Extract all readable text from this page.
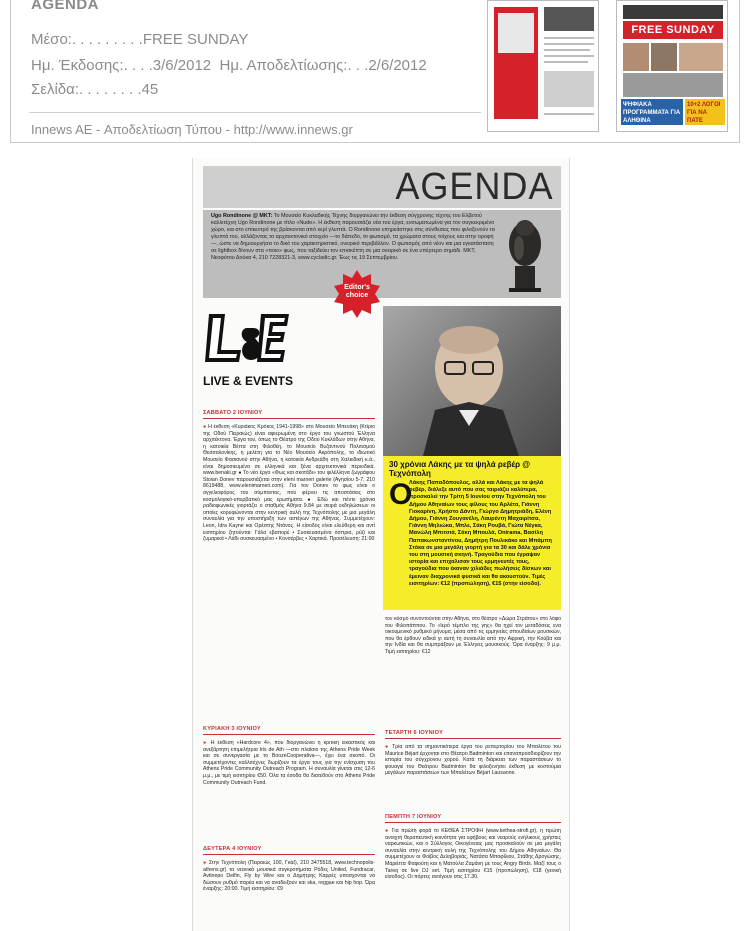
AGENDA
Μέσο:. . . . . . . . .FREE SUNDAY
Ημ. Έκδοσης:. . . .3/6/2012 Ημ. Αποδελτίωσης:. . .2/6/2012
Σελίδα:. . . . . . . .45
Innews AE - Αποδελτίωση Τύπου - http://www.innews.gr
FREE SUNDAY
ΨΗΦΙΑΚΑ ΠΡΟΓΡΑΜΜΑΤΑ ΓΙΑ ΑΛΗΘΙΝΑ ΠΡΟΒΛΗΜΑΤΑ
10+2 ΛΟΓΟΙ ΓΙΑ ΝΑ ΠΑΤΕ
AGENDA
Ugo Rondinone @ MKT: Το Μουσείο Κυκλαδικής Τέχνης διοργανώνει την έκθεση σύγχρονης τέχνης του Ελβετού καλλιτέχνη Ugo Rondinone με τίτλο «Nude». Η έκθεση παρουσιάζει νέα του έργα, ενσωματωμένα για τον συγκεκριμένο χώρο, και στο επίκεντρό της βρίσκονται από κερί γλυπτά. Ο Rondinone επηρεάστηκε στις σύνθεσεις που φιλοξενούν τα γλυπτά του, αλλάζοντας το αρχιτεκτονικό στοιχείο —το δάπεδο, το φωτισμό, τα χρώματα στους τοίχους και στην οροφή—, ώστε να δημιουργήσει το δικό του χαρακτηριστικό, ονειρικό περιβάλλον. Ο φωτισμός από νέον και μια εγκατάσταση σε lightbox δίνουν στα «ποιο» φως, που ταξιδεύει τον επισκέπτη σε μια ονειρικό σε ένα υπέρτερο σημάδι. ΜΚΤ, Νεοφύτου Δούκα 4, 210 7228321-3, www.cycladic.gr. Έως τις 19 Σεπτεμβρίου.
LIVE & EVENTS
Editor's choice
30 χρόνια Λάκης με τα ψηλά ρεβέρ @ Τεχνόπολη
Ο
Λάκης Παπαδόπουλος, αλλά και Λάκης με τα ψηλά ρεβέρ, διάλεξε αυτό που σας ταιριάζει καλύτερα, προσκαλεί την Τρίτη 5 Ιουνίου στην Τεχνόπολη του Δήμου Αθηναίων τους φίλους του Αρλέτα, Γιάννη Γιοκαρίνη, Χρήστο Δάντη, Γιώργο Δημητριάδη, Ελένη Δήμου, Γιάννη Ζουγανέλη, Λαυρέντη Μαχαιρίτσα, Γιάννη Μηλιώκα, Μπλε, Σάκη Ρουβά, Γιώτα Νέγκα, Μανώλη Μπιτσιά, Σάκη Μπουλά, Onirama, Βασίλη Παπακωνσταντίνου, Δημήτρη Πουλικάκο και Μπάμπη Στόκα σε μια μεγάλη γιορτή για τα 30 και δάλε χρόνια του στη μουσική σκηνή. Τραγούδια που έγραψαν ιστορία και επιχαλισαν τους ερμηνευτές τους, τραγούδια που έκαναν χιλιάδες πωλήσεις δίσκων και έμειναν διαχρονικά φυσικά και θα ακουστούν. Τιμές εισιτηρίων: €12 (προπώληση), €15 (στην είσοδο).
ΣΑΒΒΑΤΟ 2 ΙΟΥΝΙΟΥ
● Η έκθεση «Κυριάκος Κρόκος 1941-1998» στο Μουσείο Μπενάκη (Κτίριο της Οδού Πειραιώς) είναι αφιερωμένη στο έργο του γνωστού Έλληνα αρχιτέκτονα. Έργα του, όπως το Θέατρο της Οδού Κυκλάδων στην Αθήνα, η κατοικία Βέττα στη Φιλοθέη, το Μουσείο Βυζαντινού Πολιτισμού Θεσσαλονίκης, η μελέτη για το Νέο Μουσείο Ακρόπολης, το ιδιωτικό Μουσείο Φασιανού στην Αθήνα, η κατοικία Ανδρεάδη στη Χαλκιδική κ.ά., είναι δημοσιευμένα σε ελληνικά και ξένα αρχιτεκτονικά περιοδικά. www.benaki.gr ● Το νέο έργο «Φως και σκοτάδι» του φιλέλληνα ζωγράφου Stoian Donev παρουσιάζεται στην eleni marneri galerie (Αγησίου 5-7, 210 8619488, www.elenimarneri.com). Για τον Donev το φως είναι ο αγγελιοφόρος του σύμπαντος, που φέρνει τις αποστάσεις στο κοσμολογικό-υπερβατικό μας ερωτήματα. ● Εδώ και πέντε χρόνια ραδιοφωνικές γιορτάζει ο σταθμός Αθήνα 9.84 με σειρά εκδηλώσεων οι οποίες κορυφώνονται στην κεντρική αυλή της Τεχνόπολης με μια μεγάλη συναυλία για την υποστήριξη των αστέγων της Αθήνας. Συμμετέχουν: Leon, Idra Kayne και Ορέστης Ντάνος. Η είσοδος είναι ελεύθερη και αντί εισιτηρίου ζητούνται: Γάλα εβαπορέ • Συσκευασμένα όσπρια, ρύζι και ζυμαρικά • Λάδι συσκευασμένο • Κονσέρβες • Χαρτικά. Προσέλευση: 21:00
ΚΥΡΙΑΚΗ 3 ΙΟΥΝΙΟΥ
● Η έκθεση «Hardcore 4», που διοργανώνει η κριτική εικαστικός και ανεξάρτητη επιμελήτρια Iris de Ath —στο πλαίσιο της Athens Pride Week και σε συνεργασία με το BoozeCooperativa—, έχει ένα σκοπό. Οι συμμετέχοντες καλλιτέχνες δωρίζουν τα έργα τους για την ενίσχυση του Athens Pride Community Outreach Program. Η συναυλία γίνεται στις 12-6 μ.μ., με τιμή εισιτηρίου €50. Όλα τα έσοδα θα διατεθούν στο Athens Pride Community Outreach Fund.
ΔΕΥΤΕΡΑ 4 ΙΟΥΝΙΟΥ
● Στην Τεχνόπολη (Πειραιώς 100, Γκάζι, 210 3475518, www.technopolis-athens.gr) τα νεανικά μουσικά συγκροτήματα Ρόδες United, Fundracar, Avtinepo Delfin, Fly by Wire και ο Δημήτρης Καρρές υποσχονται να δώσουν ρυθμό παρέα και να αναδειξουν και ska, reggae και hip hop. Ώρα έναρξης: 20:00. Τιμή εισιτηρίου: €9
τον κόσμο συνοντούνται στην Αθήνα, στο θέατρο «Δώρα Στράτου» στο λόφο του Φιλοπάππου. Το «Ιερό τέμπλο της γης» θα ηχεί τον μεταδόσεις ενα οικουμενικό ρυθμικό μήνυμα, μέσα από τις ερμηνείες σπουδαίων μουσικών, που θα έρθουν ειδικά γι αυτή τη συναυλία από την Αφρική, την Κούβα και την Ινδία και θα συμπράξουν με Έλληνες μουσικούς. Ώρα έναρξης: 9 μ.μ. Τιμή εισιτηρίου: €12
ΤΕΤΑΡΤΗ 6 ΙΟΥΝΙΟΥ
● Τρία από τα σημαντικότερα έργα του ρεπερτορίου του Μπαλέτου του Maurice Béjart έρχονται στο Θέατρο Badminton και επαναπροσδιορίζουν την ιστορία του σύγχρονου χορού. Κατά τη διάρκεια των παραστάσεων το φουαγιέ του Θεάτρου Badminton θα φιλοξενήσει έκθεση με κοστούμια μεγάλων παραστάσεων των Μπαλέτων Béjart Lausanne.
ΠΕΜΠΤΗ 7 ΙΟΥΝΙΟΥ
● Για πρώτη φορά το ΚΕΘΕΑ ΣΤΡΟΦΗ (www.kethea-strofi.gr), η πρώτη ανοιχτή θεραπευτική κοινότητα για εφήβους και νεαρούς ενήλικους χρήστες ναρκωτικών, και ο Σύλλογος Οικογένειας μας προσκαλούν σε μια μεγάλη συναυλία στην κεντρική αυλή της Τεχνόπολης του Δήμου Αθηναίων. Θα συμμετέχουν οι Φοίβος Δεληβοριάς, Νατάσα Μποφίλιου, Στάθης Δρογώσης, Μαριέττα Φαφούτη και η Ματούλα Ζαμάνη με τους Angry Birds. Μαζί τους ο Tareq σε live DJ set. Τιμή εισιτηρίου €15 (προπώληση), €18 (γενική είσοδος). Οι πόρτες ανοίγουν στις 17.30.
